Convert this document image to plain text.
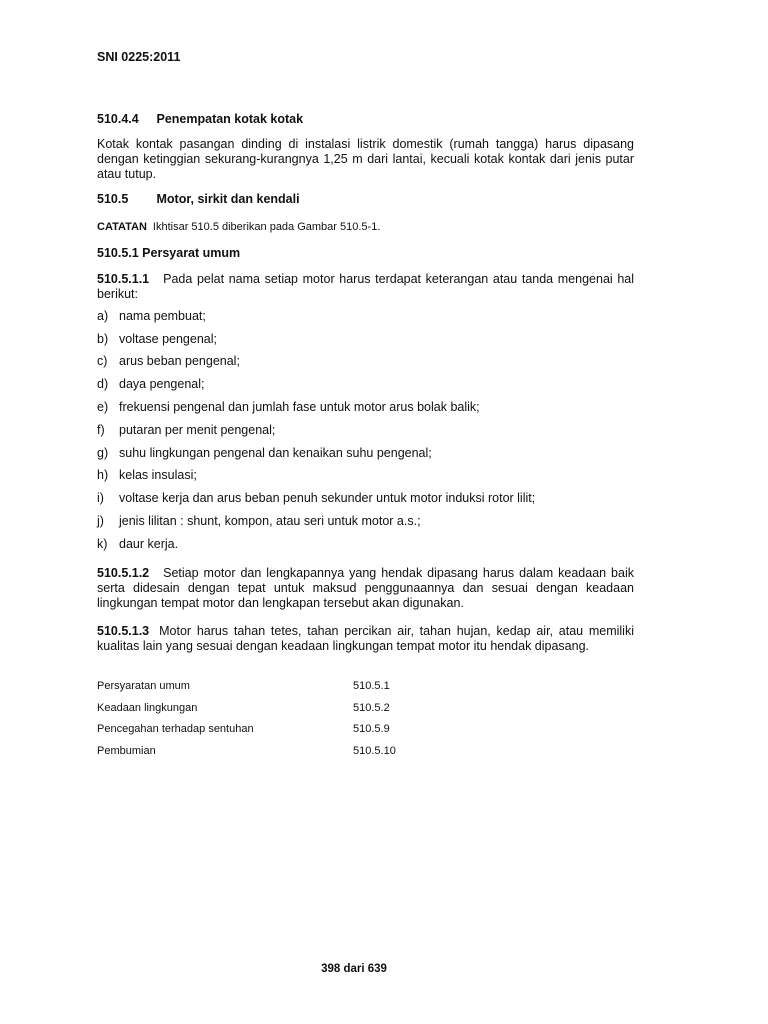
SNI 0225:2011

510.4.4 Penempatan kotak kotak

Kotak kontak pasangan dinding di instalasi listrik domestik (rumah tangga) harus dipasang dengan ketinggian sekurang-kurangnya 1,25 m dari lantai, kecuali kotak kontak dari jenis putar atau tutup.

510.5 Motor, sirkit dan kendali

CATATAN Ikhtisar 510.5 diberikan pada Gambar 510.5-1.

510.5.1 Persyarat umum

510.5.1.1 Pada pelat nama setiap motor harus terdapat keterangan atau tanda mengenai hal berikut:

a) nama pembuat;
b) voltase pengenal;
c) arus beban pengenal;
d) daya pengenal;
e) frekuensi pengenal dan jumlah fase untuk motor arus bolak balik;
f)	putaran per menit pengenal;
g) suhu lingkungan pengenal dan kenaikan suhu pengenal;
h) kelas insulasi;
i)	voltase kerja dan arus beban penuh sekunder untuk motor induksi rotor lilit;
j)	jenis lilitan : shunt, kompon, atau seri untuk motor a.s.;
k) daur kerja.

510.5.1.2 Setiap motor dan lengkapannya yang hendak dipasang harus dalam keadaan baik serta didesain dengan tepat untuk maksud penggunaannya dan sesuai dengan keadaan lingkungan tempat motor dan lengkapan tersebut akan digunakan.

510.5.1.3 Motor harus tahan tetes, tahan percikan air, tahan hujan, kedap air, atau memiliki kualitas lain yang sesuai dengan keadaan lingkungan tempat motor itu hendak dipasang.

Persyaratan umum	510.5.1
Keadaan lingkungan	510.5.2
Pencegahan terhadap sentuhan	510.5.9
Pembumian	510.5.10
398 dari 639
